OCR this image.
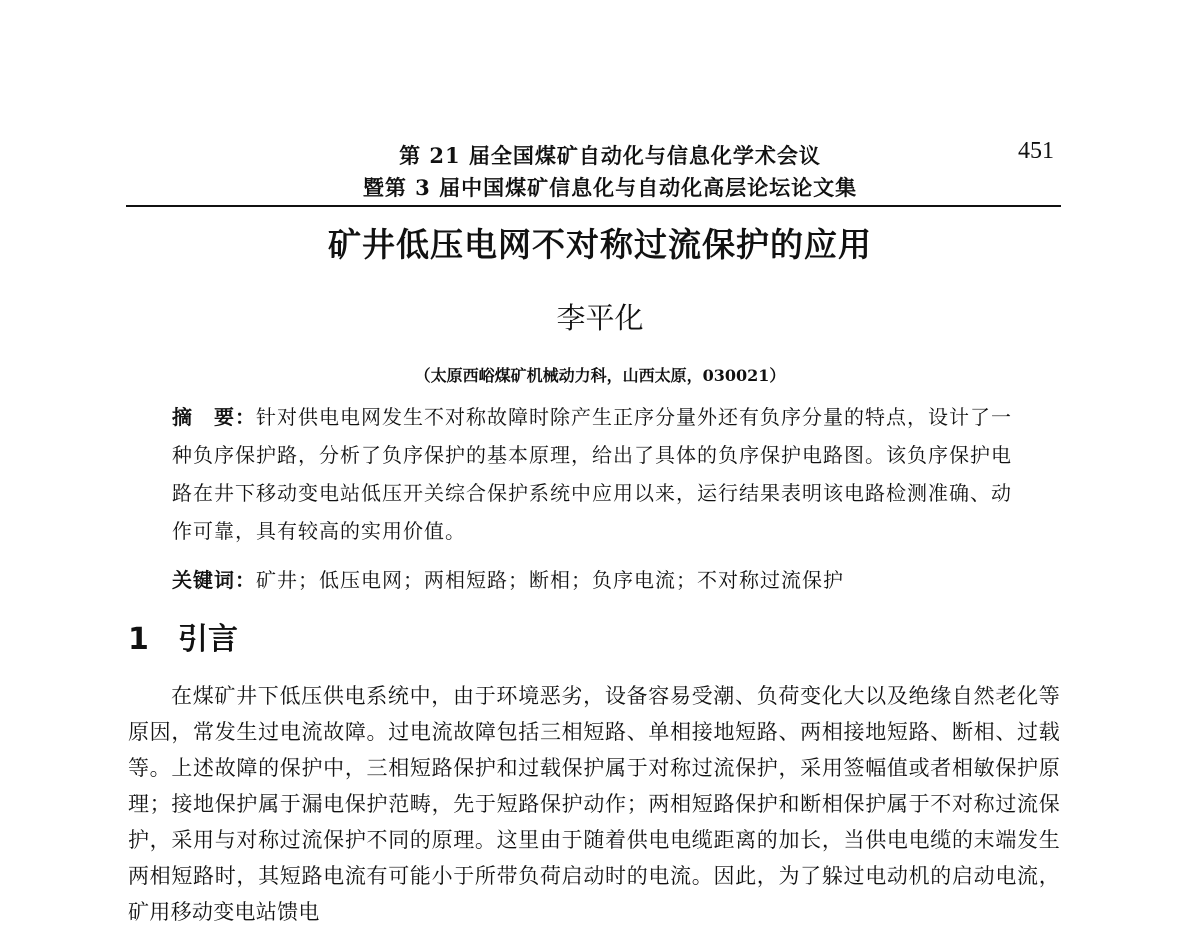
第 21 届全国煤矿自动化与信息化学术会议
暨第 3 届中国煤矿信息化与自动化高层论坛论文集
451
矿井低压电网不对称过流保护的应用
李平化
（太原西峪煤矿机械动力科，山西太原，030021）
摘　要：针对供电电网发生不对称故障时除产生正序分量外还有负序分量的特点，设计了一种负序保护路，分析了负序保护的基本原理，给出了具体的负序保护电路图。该负序保护电路在井下移动变电站低压开关综合保护系统中应用以来，运行结果表明该电路检测准确、动作可靠，具有较高的实用价值。
关键词：矿井；低压电网；两相短路；断相；负序电流；不对称过流保护
1 引言

在煤矿井下低压供电系统中，由于环境恶劣，设备容易受潮、负荷变化大以及绝缘自然老化等原因，常发生过电流故障。过电流故障包括三相短路、单相接地短路、两相接地短路、断相、过载等。上述故障的保护中，三相短路保护和过载保护属于对称过流保护，采用签幅值或者相敏保护原理；接地保护属于漏电保护范畴，先于短路保护动作；两相短路保护和断相保护属于不对称过流保护，采用与对称过流保护不同的原理。这里由于随着供电电缆距离的加长，当供电电缆的末端发生两相短路时，其短路电流有可能小于所带负荷启动时的电流。因此，为了躲过电动机的启动电流，矿用移动变电站馈电
